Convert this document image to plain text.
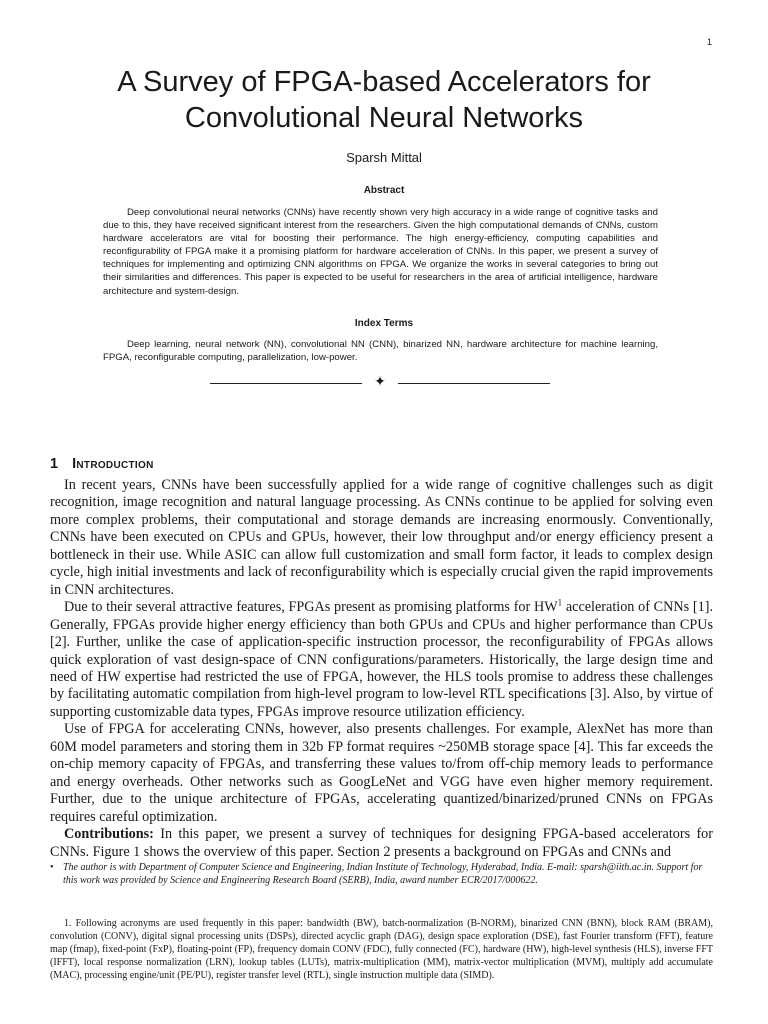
1
A Survey of FPGA-based Accelerators for
Convolutional Neural Networks
Sparsh Mittal
Abstract

Deep convolutional neural networks (CNNs) have recently shown very high accuracy in a wide range of cognitive tasks and due to this, they have received significant interest from the researchers. Given the high computational demands of CNNs, custom hardware accelerators are vital for boosting their performance. The high energy-efficiency, computing capabilities and reconfigurability of FPGA make it a promising platform for hardware acceleration of CNNs. In this paper, we present a survey of techniques for implementing and optimizing CNN algorithms on FPGA. We organize the works in several categories to bring out their similarities and differences. This paper is expected to be useful for researchers in the area of artificial intelligence, hardware architecture and system-design.

Index Terms

Deep learning, neural network (NN), convolutional NN (CNN), binarized NN, hardware architecture for machine learning, FPGA, reconfigurable computing, parallelization, low-power.

✦
1 Introduction

In recent years, CNNs have been successfully applied for a wide range of cognitive challenges such as digit recognition, image recognition and natural language processing. As CNNs continue to be applied for solving even more complex problems, their computational and storage demands are increasing enormously. Conventionally, CNNs have been executed on CPUs and GPUs, however, their low throughput and/or energy efficiency present a bottleneck in their use. While ASIC can allow full customization and small form factor, it leads to complex design cycle, high initial investments and lack of reconfigurability which is especially crucial given the rapid improvements in CNN architectures.

Due to their several attractive features, FPGAs present as promising platforms for $HW^1$ acceleration of CNNs [1]. Generally, FPGAs provide higher energy efficiency than both GPUs and CPUs and higher performance than CPUs [2]. Further, unlike the case of application-specific instruction processor, the reconfigurability of FPGAs allows quick exploration of vast design-space of CNN configurations/parameters. Historically, the large design time and need of HW expertise had restricted the use of FPGA, however, the HLS tools promise to address these challenges by facilitating automatic compilation from high-level program to low-level RTL specifications [3]. Also, by virtue of supporting customizable data types, FPGAs improve resource utilization efficiency.

Use of FPGA for accelerating CNNs, however, also presents challenges. For example, AlexNet has more than 60M model parameters and storing them in 32b FP format requires ~250MB storage space [4]. This far exceeds the on-chip memory capacity of FPGAs, and transferring these values to/from off-chip memory leads to performance and energy overheads. Other networks such as GoogLeNet and VGG have even higher memory requirement. Further, due to the unique architecture of FPGAs, accelerating quantized/binarized/pruned CNNs on FPGAs requires careful optimization.

Contributions: In this paper, we present a survey of techniques for designing FPGA-based accelerators for CNNs. Figure 1 shows the overview of this paper. Section 2 presents a background on FPGAs and CNNs and

• The author is with Department of Computer Science and Engineering, Indian Institute of Technology, Hyderabad, India. E-mail: sparsh@iith.ac.in. Support for this work was provided by Science and Engineering Research Board (SERB), India, award number ECR/2017/000622.

1. Following acronyms are used frequently in this paper: bandwidth (BW), batch-normalization (B-NORM), binarized CNN (BNN), block RAM (BRAM), convolution (CONV), digital signal processing units (DSPs), directed acyclic graph (DAG), design space exploration (DSE), fast Fourier transform (FFT), feature map (fmap), fixed-point (FxP), floating-point (FP), frequency domain CONV (FDC), fully connected (FC), hardware (HW), high-level synthesis (HLS), inverse FFT (IFFT), local response normalization (LRN), lookup tables (LUTs), matrix-multiplication (MM), matrix-vector multiplication (MVM), multiply add accumulate (MAC), processing engine/unit (PE/PU), register transfer level (RTL), single instruction multiple data (SIMD).
